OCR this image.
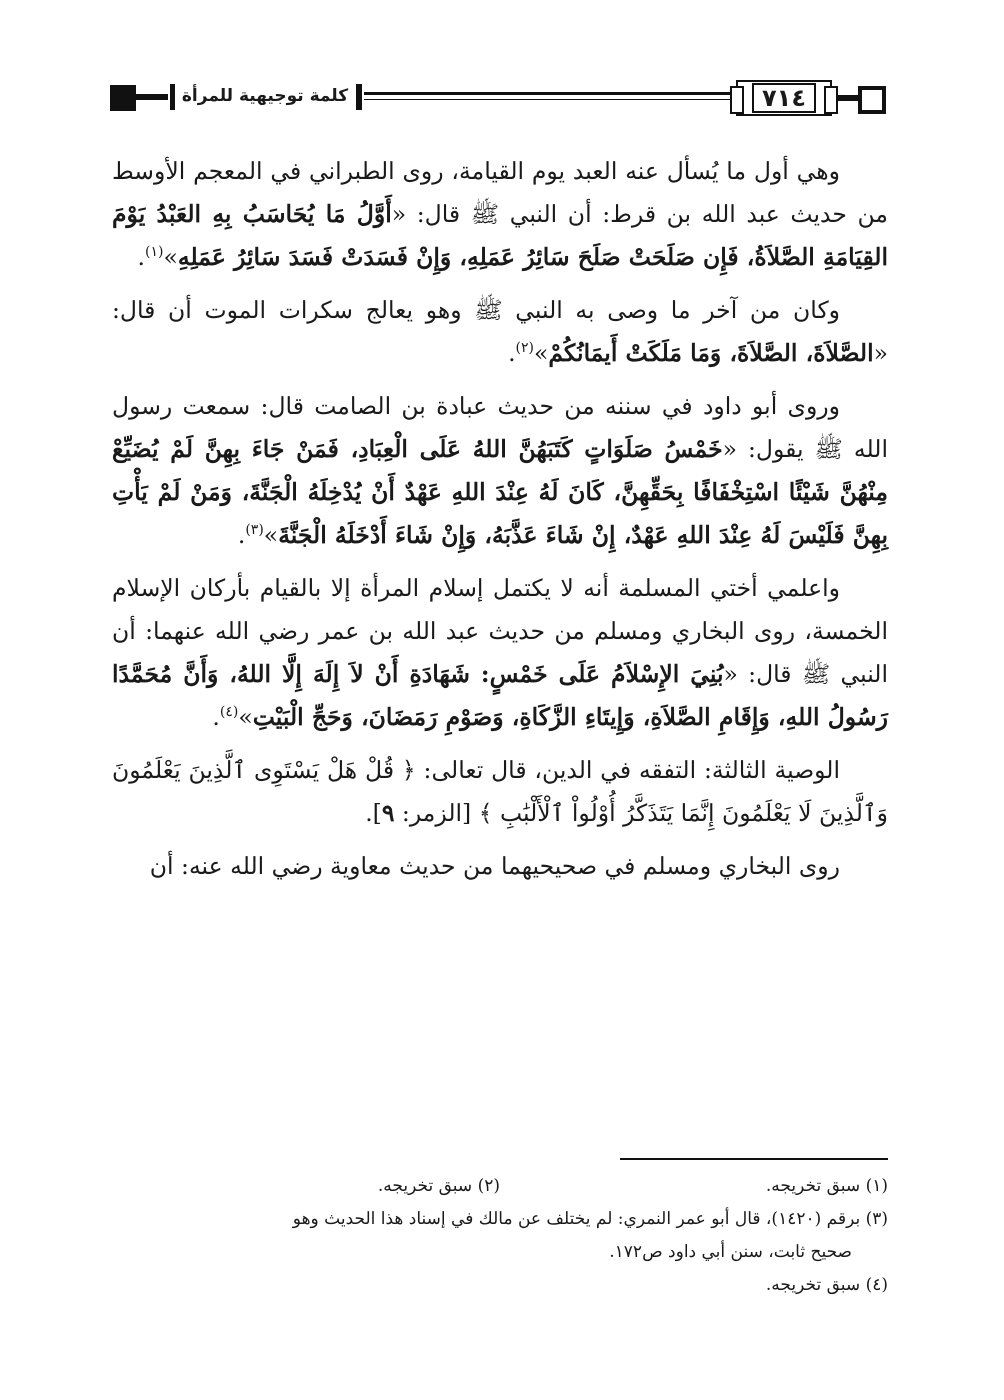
٧١٤
كلمة توجيهية للمرأة

وهي أول ما يُسأل عنه العبد يوم القيامة، روى الطبراني في المعجم الأوسط من حديث عبد الله بن قرط: أن النبي ﷺ قال: «أَوَّلُ مَا يُحَاسَبُ بِهِ العَبْدُ يَوْمَ القِيَامَةِ الصَّلاَةُ، فَإِن صَلَحَتْ صَلَحَ سَائِرُ عَمَلِهِ، وَإِنْ فَسَدَتْ فَسَدَ سَائِرُ عَمَلِهِ»$^{(١)}$.

وكان من آخر ما وصى به النبي ﷺ وهو يعالج سكرات الموت أن قال: «الصَّلاَةَ، الصَّلاَةَ، وَمَا مَلَكَتْ أَيمَانُكُمْ»$^{(٢)}$.

وروى أبو داود في سننه من حديث عبادة بن الصامت قال: سمعت رسول الله ﷺ يقول: «خَمْسُ صَلَوَاتٍ كَتَبَهُنَّ اللهُ عَلَى الْعِبَادِ، فَمَنْ جَاءَ بِهِنَّ لَمْ يُضَيِّعْ مِنْهُنَّ شَيْئًا اسْتِخْفَافًا بِحَقِّهِنَّ، كَانَ لَهُ عِنْدَ اللهِ عَهْدٌ أَنْ يُدْخِلَهُ الْجَنَّةَ، وَمَنْ لَمْ يَأْتِ بِهِنَّ فَلَيْسَ لَهُ عِنْدَ اللهِ عَهْدٌ، إِنْ شَاءَ عَذَّبَهُ، وَإِنْ شَاءَ أَدْخَلَهُ الْجَنَّةَ»$^{(٣)}$.

واعلمي أختي المسلمة أنه لا يكتمل إسلام المرأة إلا بالقيام بأركان الإسلام الخمسة، روى البخاري ومسلم من حديث عبد الله بن عمر رضي الله عنهما: أن النبي ﷺ قال: «بُنِيَ الإِسْلاَمُ عَلَى خَمْسٍ: شَهَادَةِ أَنْ لاَ إِلَهَ إِلَّا اللهُ، وَأَنَّ مُحَمَّدًا رَسُولُ اللهِ، وَإِقَامِ الصَّلاَةِ، وَإِيتَاءِ الزَّكَاةِ، وَصَوْمِ رَمَضَانَ، وَحَجِّ الْبَيْتِ»$^{(٤)}$.

الوصية الثالثة: التفقه في الدين، قال تعالى: ﴿ قُلْ هَلْ يَسْتَوِى ٱلَّذِينَ يَعْلَمُونَ وَٱلَّذِينَ لَا يَعْلَمُونَ إِنَّمَا يَتَذَكَّرُ أُوْلُواْ ٱلْأَلْبَٰبِ ﴾ [الزمر: ٩].

روى البخاري ومسلم في صحيحيهما من حديث معاوية رضي الله عنه: أن

(١) سبق تخريجه.
(٢) سبق تخريجه.

(٣) برقم (١٤٢٠)، قال أبو عمر النمري: لم يختلف عن مالك في إسناد هذا الحديث وهو

صحيح ثابت، سنن أبي داود ص١٧٢.

(٤) سبق تخريجه.
